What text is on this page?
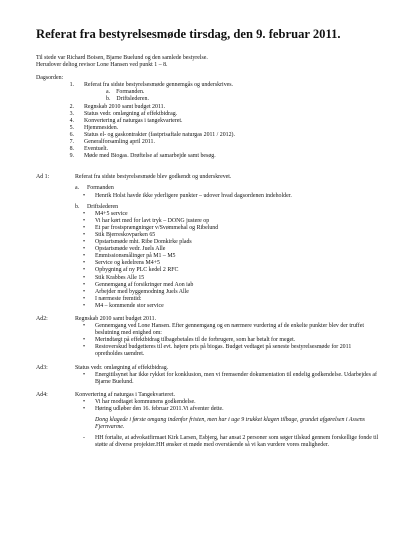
Referat fra bestyrelsesmøde tirsdag, den 9. februar 2011.
Til stede var Richard Boisen, Bjarne Buelund og den samlede bestyrelse.
Herudover deltog revisor Lone Hansen ved punkt 1 – 8.
Dagsorden:
1.	Referat fra sidste bestyrelsesmøde gennemgås og underskrives.
a.	Formanden.
b.	Driftslederen.
2.	Regnskab 2010 samt budget 2011.
3.	Status vedr. omlægning af effektbidrag.
4.	Konvertering af naturgas i tangekvarteret.
5.	Hjemmesiden.
6.	Status el- og gaskontrakter (fastprisaftale naturgas 2011 / 2012).
7.	Generalforsamling april 2011.
8.	Eventuelt.
9.	Møde med Biogas. Drøftelse af samarbejde samt besøg.
Ad 1:	Referat fra sidste bestyrelsesmøde blev godkendt og underskrevet.
a.	Formanden
• Henrik Holst havde ikke yderligere punkter – udover hvad dagsordenen indeholder.
b.	Driftslederen
• M4+5 service
• Vi har kørt med for lavt tryk – DONG justere op
• Et par frostsprængninger v/Svømmehal og Ribelund
• Stik Bjerreskovparken 65
• Opstartsmøde mht. Ribe Domkirke plads
• Opstartsmøde vedr. Juels Alle
• Emmissionsmålinger på M1 – M5
• Service og kedelrens M4+5
• Opbygning af ny PLC kedel 2 RFC
• Stik Krabbes Alle 15
• Gennemgang af forsikringer med Aon iab
• Arbejder med byggemodning Juels Alle
• I nærmeste fremtid:
• M4 – kommende stor service
Ad2:	Regnskab 2010 samt budget 2011.
• Gennemgang ved Lone Hansen. Efter gennemgang og en nærmere vurdering af de enkelte punkter blev der truffet beslutning med enighed om:
• Merindtægt på effektbidrag tilbagebetales til de forbrugere, som har betalt for meget.
• Restoverskud budgetteres til evt. højere pris på biogas. Budget vedtaget på seneste bestyrelsesmøde for 2011 opretholdes uændret.
Ad3:	Status vedr. omlægning af effektbidrag.
• Energitilsynet har ikke rykket for konklusion, men vi fremsender dokumentation til endelig godkendelse. Udarbejdes af Bjarne Buelund.
Ad4:	Konvertering af naturgas i Tangekvarteret.
• Vi har modtaget kommunens godkendelse.
• Høring udløber den 16. februar 2011.Vi afventer dette.
Dong klagede i første omgang indenfor fristen, men har i uge 9 trukket klagen tilbage, grundet afgørelsen i Assens Fjernvarme.
- HH fortalte, at advokatfirmaet Kirk Larsen, Esbjerg, har ansat 2 personer som søger tilskud gennem forskellige fonde til støtte af diverse projekter.HH ønsker et møde med overstående så vi kan vurdere vores muligheder.
